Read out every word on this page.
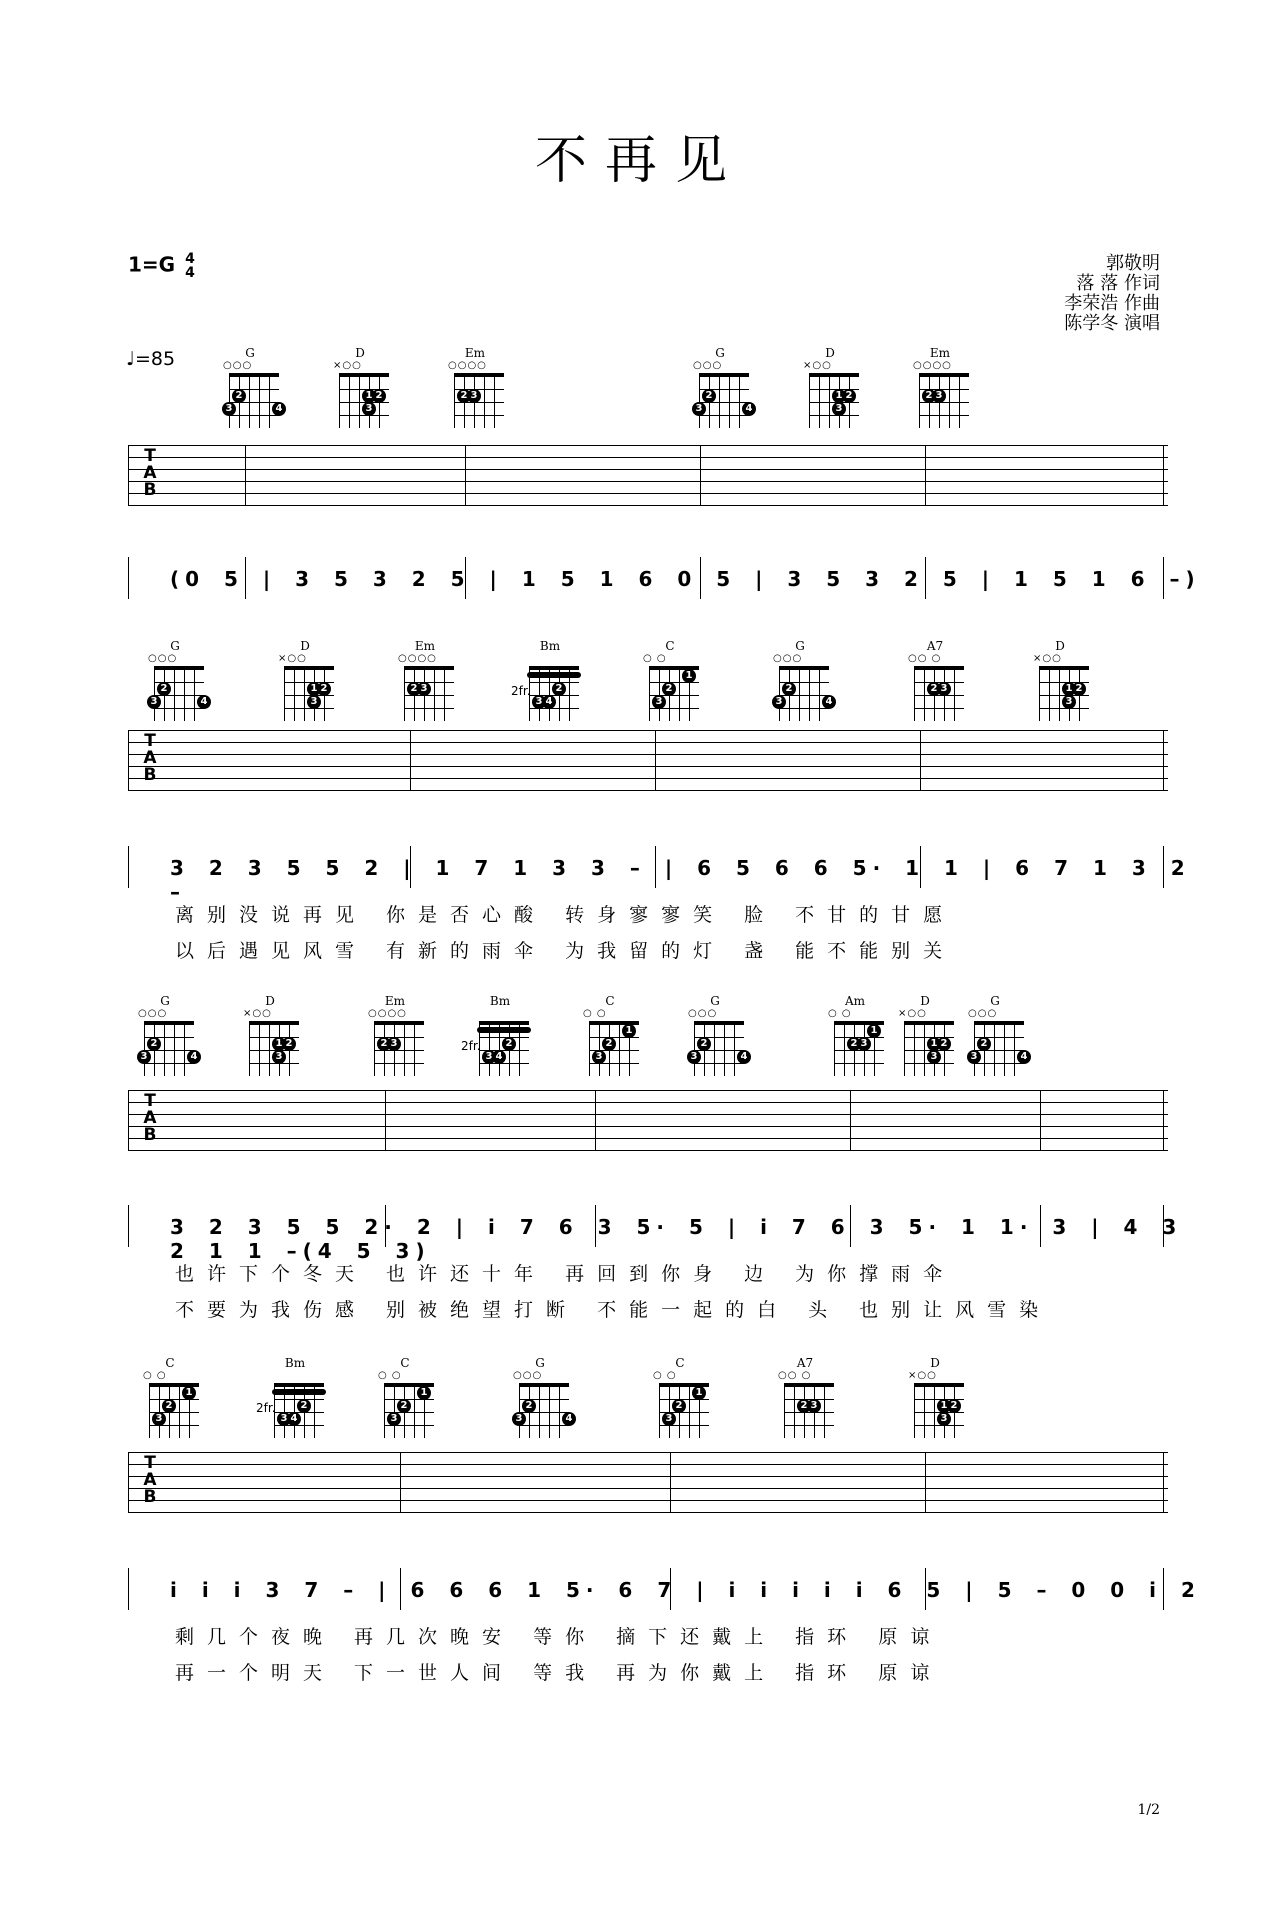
不再见
1=G 4
4
♩=85
郭敬明
落 落 作词
李荣浩 作曲
陈学冬 演唱
1/2
G
○○○
2
3	4
D
×○○
1 2
3
Em
○○○○
2 3
G
○○○
2
3	4
D
×○○
1 2
3
Em
○○○○
2 3
T
A
B
(0 5 | 3 5 3 2 5 | 1 5 1 6 0 5 | 3 5 3 2 5 | 1 5 1 6 –)
G
○○○
2
3	4
D
×○○
1 2
3
Em
○○○○
2 3
Bm
2fr.
3 4
2
C
○ ○
1
2
3
G
○○○
2
3	4
A7
○○ ○
2 3
D
×○○
1 2
3
T
A
B
3 2 3 5 5 2 | 1 7 1 3 3 – | 6 5 6 6 5· 1 1 | 6 7 1 3 2 –
离别没说再见 你是否心酸 转身寥寥笑 脸 不甘的甘愿
以后遇见风雪 有新的雨伞 为我留的灯 盏 能不能别关
G
○○○
2
3	4
D
×○○
1 2
3
Em
○○○○
2 3
Bm
2fr.
3 4
2
C
○ ○
1
2
3
G
○○○
2
3	4
Am
○ ○
1
2 3
D
×○○
1 2
3
G
○○○
2
3	4
T
A
B
3 2 3 5 5 2· 2 | i 7 6 3 5· 5 | i 7 6 3 5· 1 1· 3 | 4 3 2 1 1 –(4 5 3)
也许下个冬天 也许还十年 再回到你身 边 为你撑雨伞
不要为我伤感 别被绝望打断 不能一起的白 头 也别让风雪染
C
○ ○
1
2
3
Bm
2fr.
3 4
2
C
○ ○
1
2
3
G
○○○
2
3	4
C
○ ○
1
2
3
A7
○○ ○
2 3
D
×○○
1 2
3
T
A
B
i i i 3 7 – | 6 6 6 1 5· 6 7 | i i i i i 6 5 | 5 – 0 0 i 2
剩几个夜晚 再几次晚安 等你 摘下还戴上 指环 原谅
再一个明天 下一世人间 等我 再为你戴上 指环 原谅
